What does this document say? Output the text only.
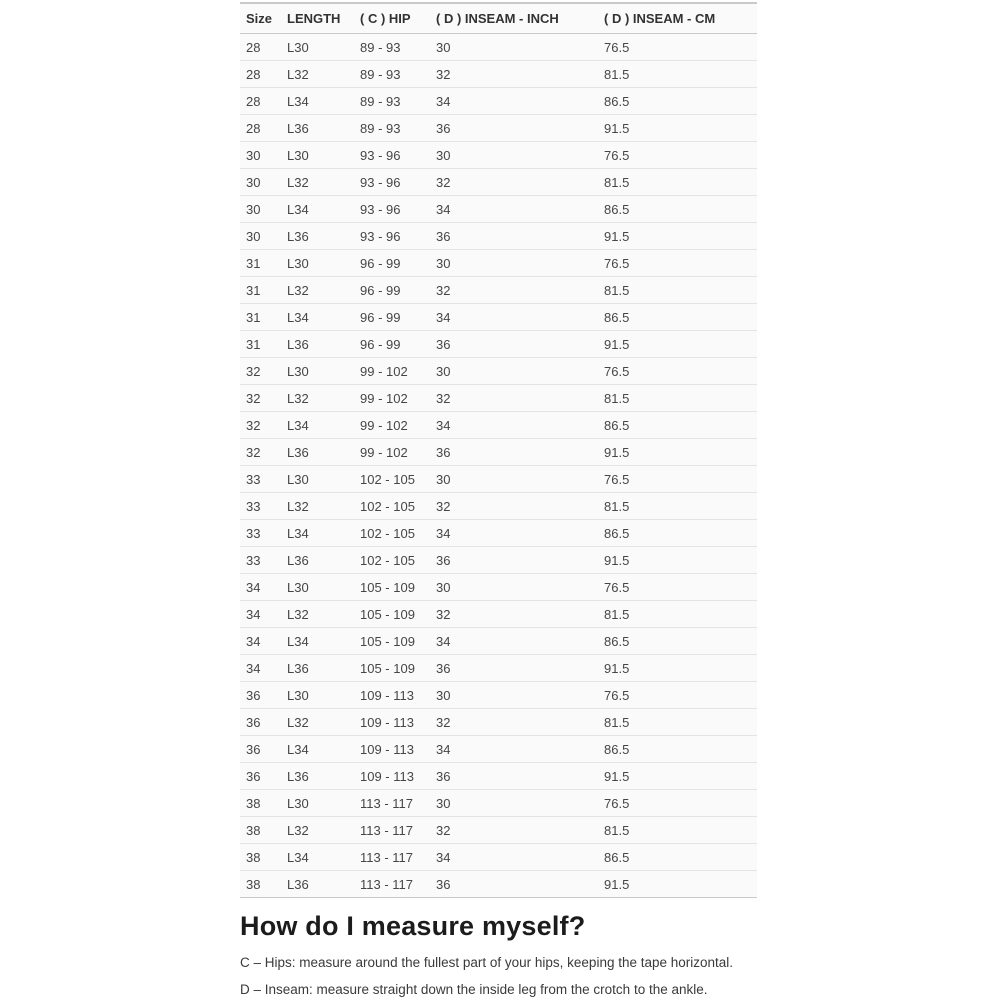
Size	LENGTH	( C ) HIP	( D ) INSEAM - INCH	( D ) INSEAM - CM
28	L30	89 - 93	30	76.5
28	L32	89 - 93	32	81.5
28	L34	89 - 93	34	86.5
28	L36	89 - 93	36	91.5
30	L30	93 - 96	30	76.5
30	L32	93 - 96	32	81.5
30	L34	93 - 96	34	86.5
30	L36	93 - 96	36	91.5
31	L30	96 - 99	30	76.5
31	L32	96 - 99	32	81.5
31	L34	96 - 99	34	86.5
31	L36	96 - 99	36	91.5
32	L30	99 - 102	30	76.5
32	L32	99 - 102	32	81.5
32	L34	99 - 102	34	86.5
32	L36	99 - 102	36	91.5
33	L30	102 - 105	30	76.5
33	L32	102 - 105	32	81.5
33	L34	102 - 105	34	86.5
33	L36	102 - 105	36	91.5
34	L30	105 - 109	30	76.5
34	L32	105 - 109	32	81.5
34	L34	105 - 109	34	86.5
34	L36	105 - 109	36	91.5
36	L30	109 - 113	30	76.5
36	L32	109 - 113	32	81.5
36	L34	109 - 113	34	86.5
36	L36	109 - 113	36	91.5
38	L30	113 - 117	30	76.5
38	L32	113 - 117	32	81.5
38	L34	113 - 117	34	86.5
38	L36	113 - 117	36	91.5
How do I measure myself?

C – Hips: measure around the fullest part of your hips, keeping the tape horizontal.

D – Inseam: measure straight down the inside leg from the crotch to the ankle.
